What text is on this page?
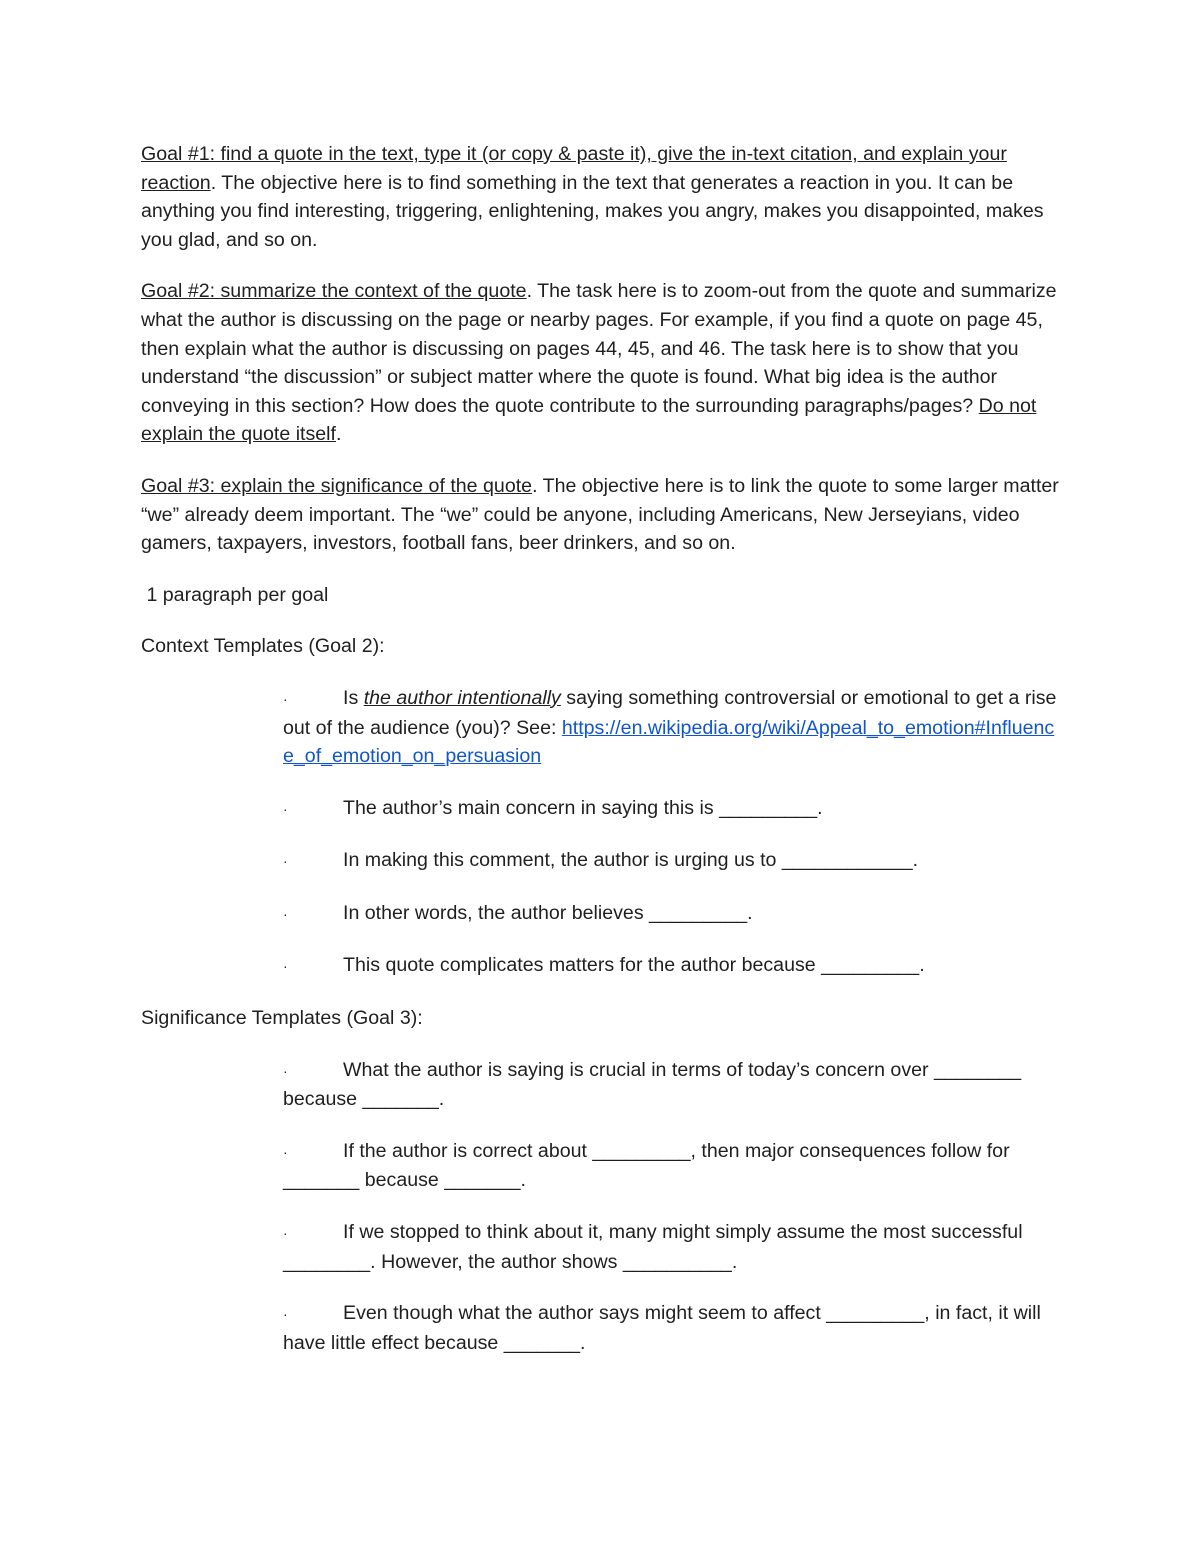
Goal #1: find a quote in the text, type it (or copy & paste it), give the in-text citation, and explain your reaction. The objective here is to find something in the text that generates a reaction in you. It can be anything you find interesting, triggering, enlightening, makes you angry, makes you disappointed, makes you glad, and so on.

Goal #2: summarize the context of the quote. The task here is to zoom-out from the quote and summarize what the author is discussing on the page or nearby pages. For example, if you find a quote on page 45, then explain what the author is discussing on pages 44, 45, and 46. The task here is to show that you understand “the discussion” or subject matter where the quote is found. What big idea is the author conveying in this section? How does the quote contribute to the surrounding paragraphs/pages? Do not explain the quote itself.

Goal #3: explain the significance of the quote. The objective here is to link the quote to some larger matter “we” already deem important. The “we” could be anyone, including Americans, New Jerseyians, video gamers, taxpayers, investors, football fans, beer drinkers, and so on.

1 paragraph per goal

Context Templates (Goal 2):

·	Is the author intentionally saying something controversial or emotional to get a rise out of the audience (you)? See: https://en.wikipedia.org/wiki/Appeal_to_emotion#Influence_of_emotion_on_persuasion

·	The author’s main concern in saying this is _________.

·	In making this comment, the author is urging us to ____________.

·	In other words, the author believes _________.

·	This quote complicates matters for the author because _________.

Significance Templates (Goal 3):

·	What the author is saying is crucial in terms of today’s concern over ________ because _______.

·	If the author is correct about _________, then major consequences follow for _______ because _______.

·	If we stopped to think about it, many might simply assume the most successful ________. However, the author shows __________.

·	Even though what the author says might seem to affect _________, in fact, it will have little effect because _______.
